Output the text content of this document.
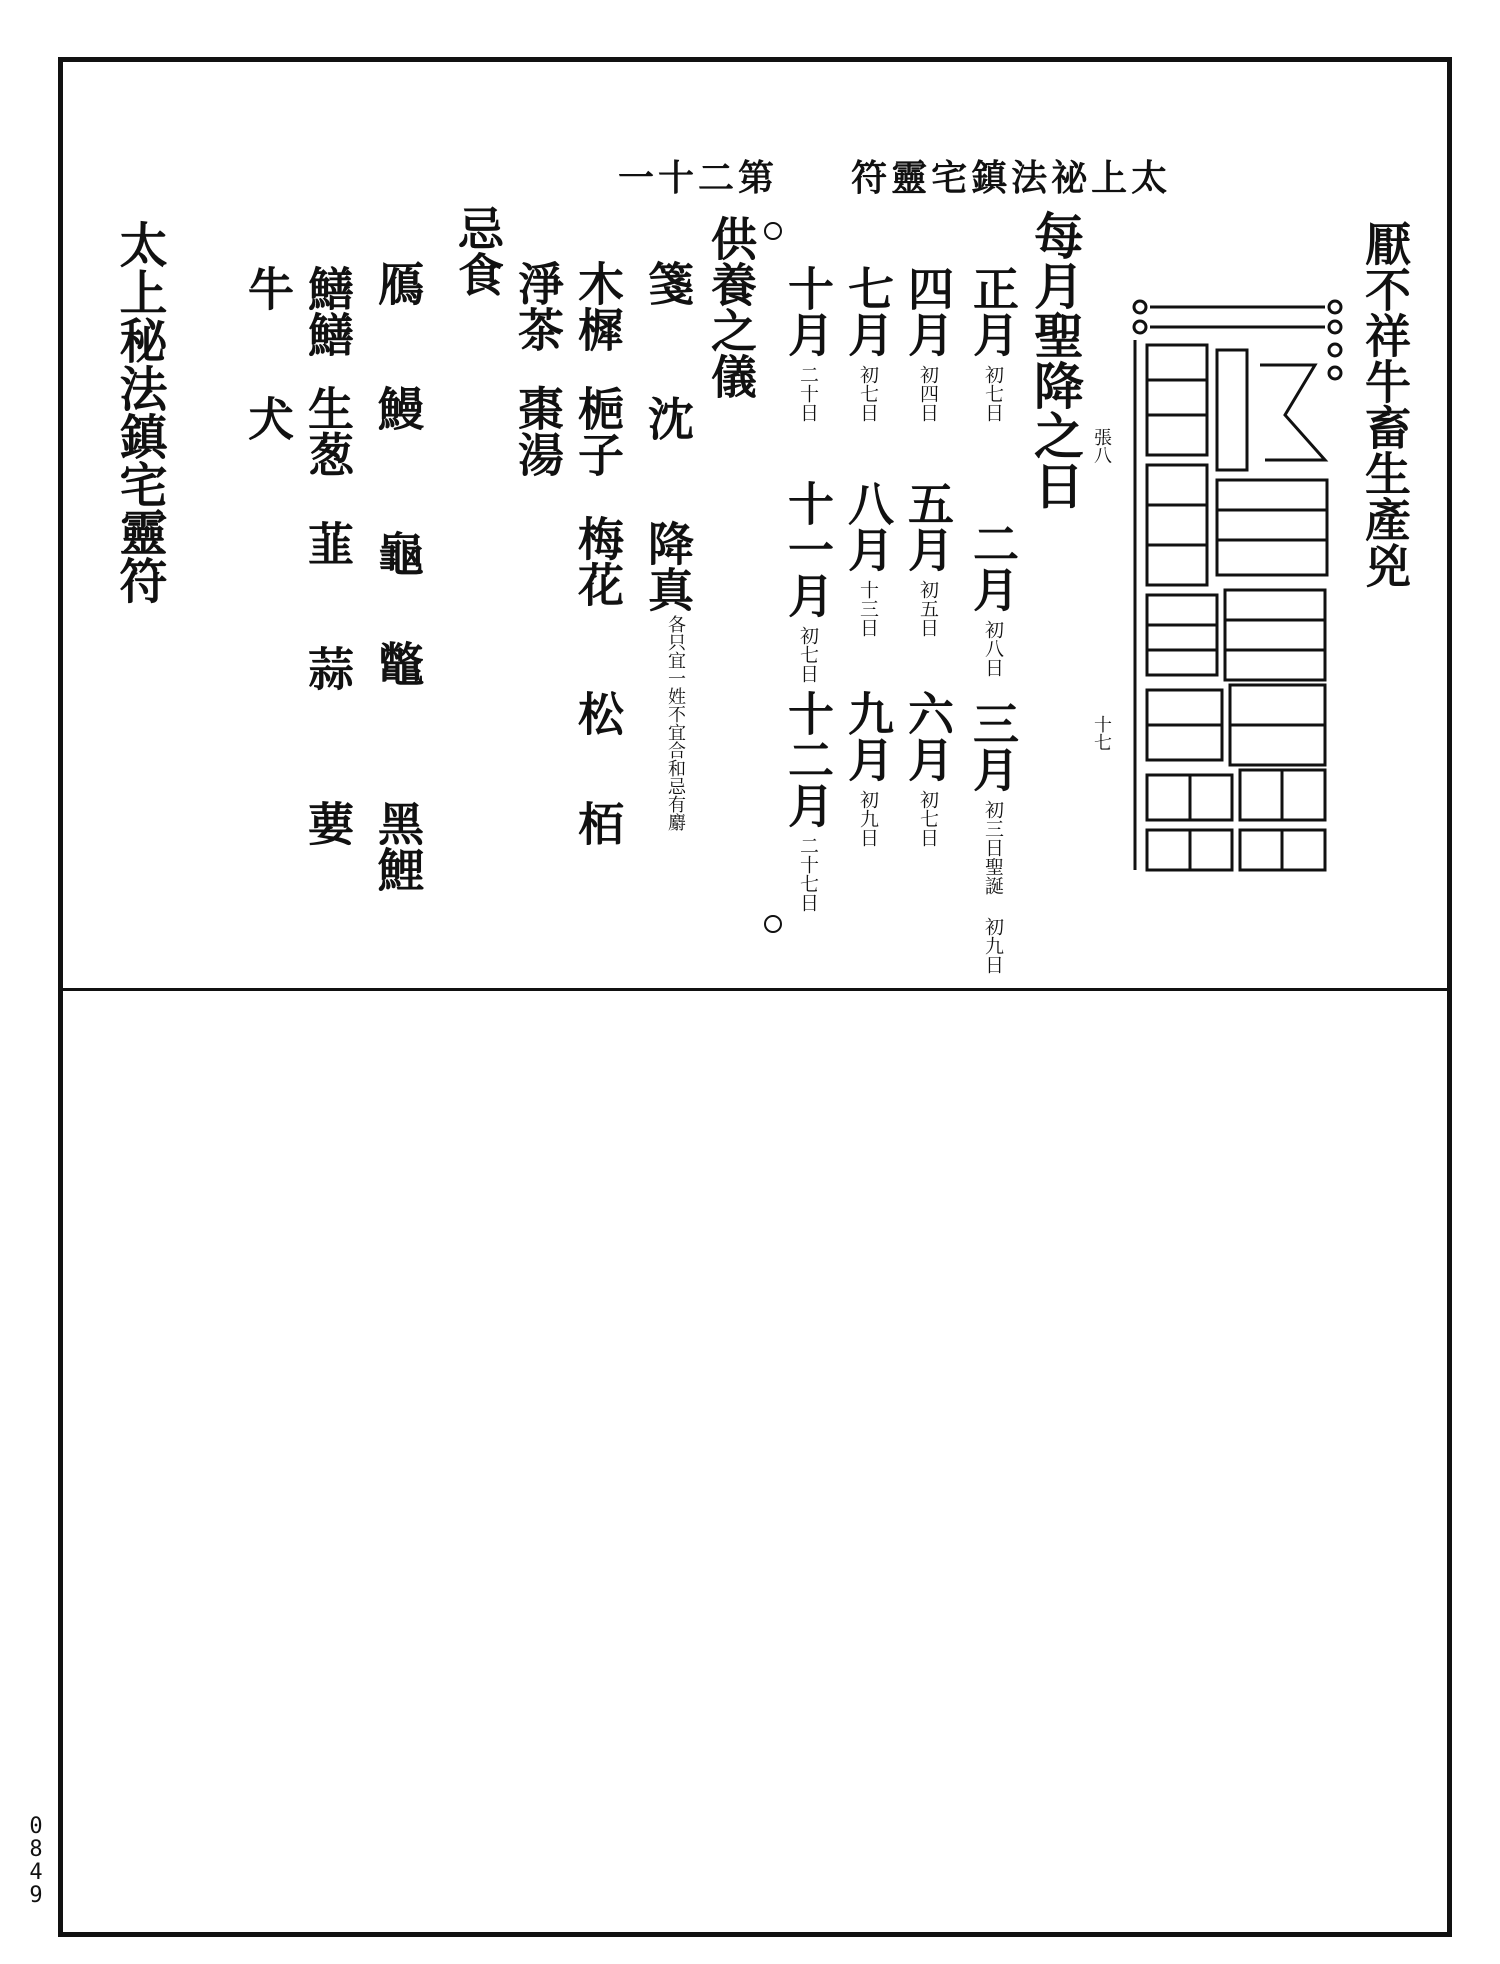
第二十一 太上祕法鎮宅靈符
厭不祥牛畜生產兇
張八
十七
每月聖降之日
正月初七日
二月初八日
三月初三日聖誕 初九日
四月初四日
五月初五日
六月初七日
七月初七日
八月十三日
九月初九日
十月二十日
十一月初七日
十二月二十七日
供養之儀
箋
沈
降真
各只宜一姓不宜合和忌有麝
木樨
梔子
梅花
松
栢
淨茶
棗湯
忌食
鴈
鰻
龜
鼈
黑鯉
鱔鱔
生葱
韮
蒜
葽
牛
犬
太上秘法鎮宅靈符
0
8
4
9
